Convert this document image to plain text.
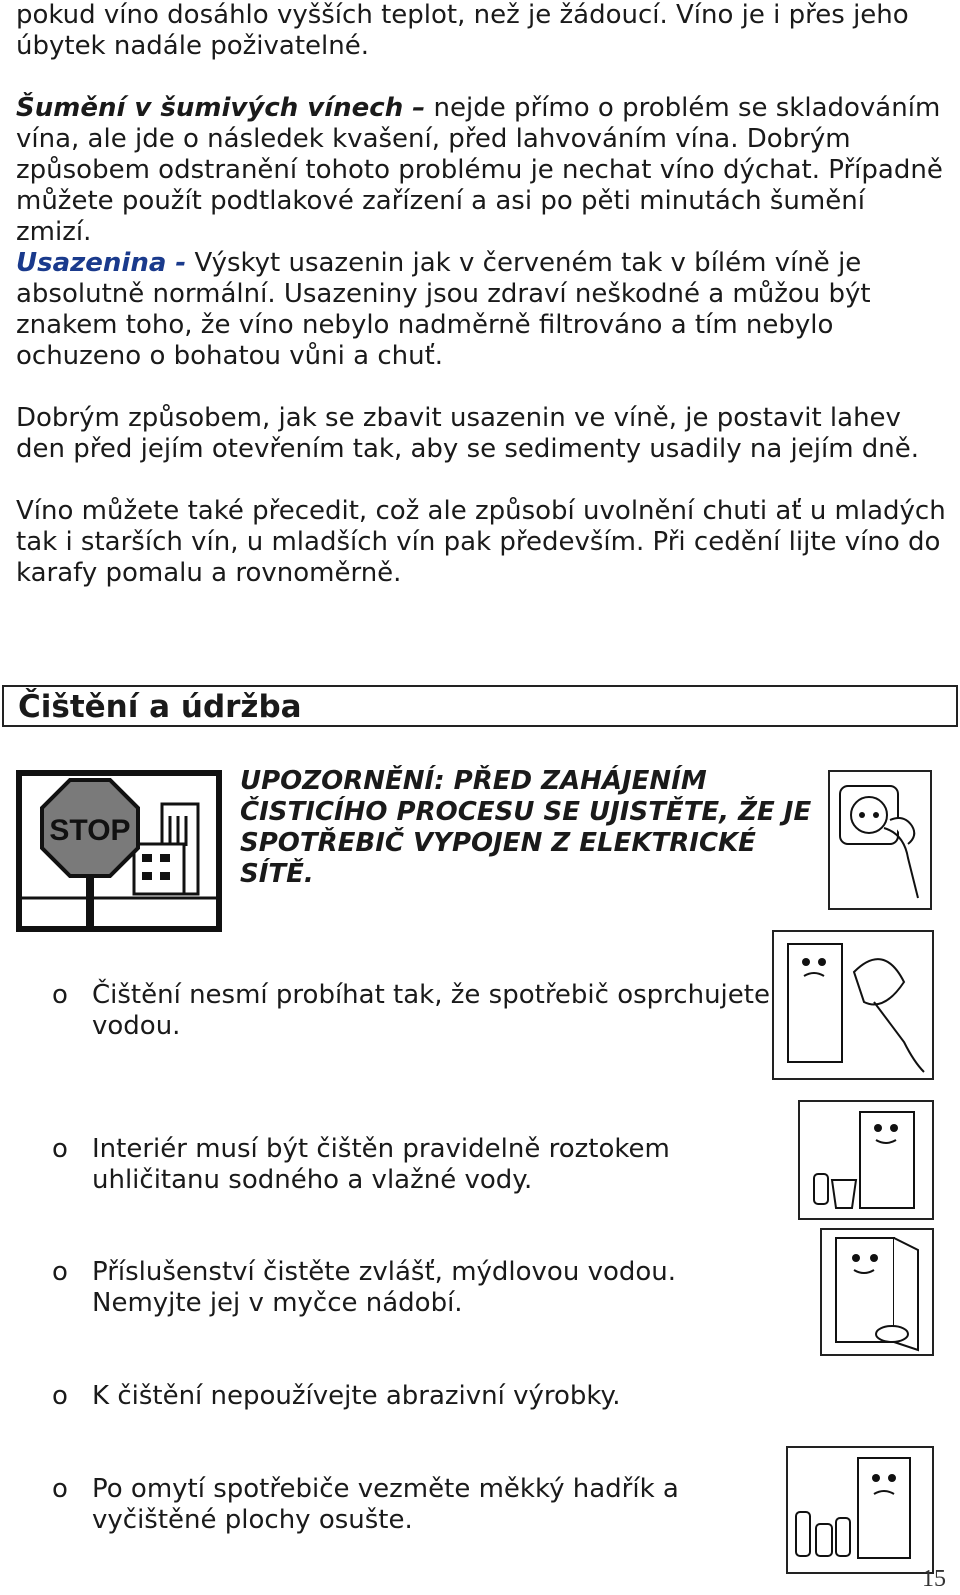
pokud víno dosáhlo vyšších teplot, než je žádoucí. Víno je i přes jeho úbytek nadále poživatelné.

Šumění v šumivých vínech – nejde přímo o problém se skladováním vína, ale jde o následek kvašení, před lahvováním vína. Dobrým způsobem odstranění tohoto problému je nechat víno dýchat. Případně můžete použít podtlakové zařízení a asi po pěti minutách šumění zmizí.

Usazenina - Výskyt usazenin jak v červeném tak v bílém víně je absolutně normální. Usazeniny jsou zdraví neškodné a můžou být znakem toho, že víno nebylo nadměrně filtrováno a tím nebylo ochuzeno o bohatou vůni a chuť.

Dobrým způsobem, jak se zbavit usazenin ve víně, je postavit lahev den před jejím otevřením tak, aby se sedimenty usadily na jejím dně.

Víno můžete také přecedit, což ale způsobí uvolnění chuti ať u mladých tak i starších vín, u mladších vín pak především. Při cedění lijte víno do karafy pomalu a rovnoměrně.

Čištění a údržba
STOP

UPOZORNĚNÍ: PŘED ZAHÁJENÍM ČISTICÍHO PROCESU SE UJISTĚTE, ŽE JE SPOTŘEBIČ VYPOJEN Z ELEKTRICKÉ SÍTĚ.

o Čištění nesmí probíhat tak, že spotřebič osprchujete vodou.
o Interiér musí být čištěn pravidelně roztokem uhličitanu sodného a vlažné vody.
o Příslušenství čistěte zvlášť, mýdlovou vodou. Nemyjte jej v myčce nádobí.
o K čištění nepoužívejte abrazivní výrobky.
o Po omytí spotřebiče vezměte měkký hadřík a vyčištěné plochy osušte.
15
